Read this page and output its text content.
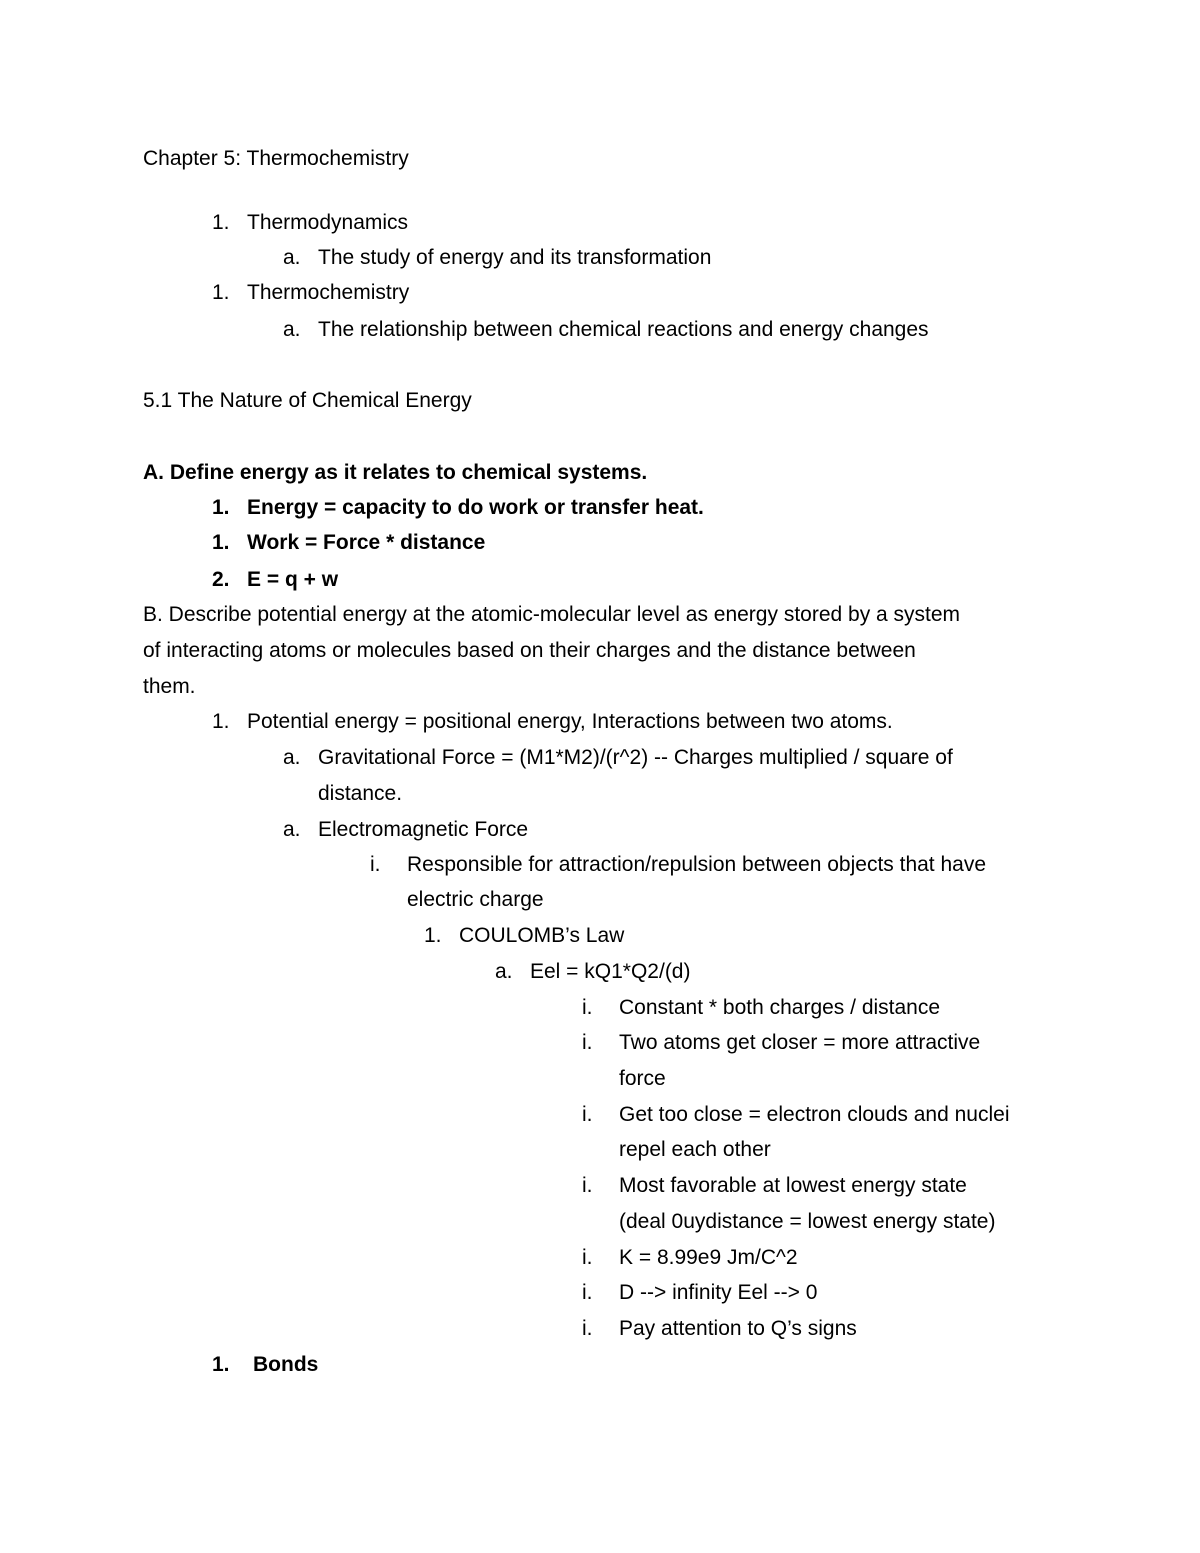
Chapter 5: Thermochemistry
1. Thermodynamics
a. The study of energy and its transformation
1. Thermochemistry
a. The relationship between chemical reactions and energy changes
5.1 The Nature of Chemical Energy
A. Define energy as it relates to chemical systems.
1. Energy = capacity to do work or transfer heat.
1. Work = Force * distance
2. E = q + w
B. Describe potential energy at the atomic-molecular level as energy stored by a system
of interacting atoms or molecules based on their charges and the distance between
them.
1. Potential energy = positional energy, Interactions between two atoms.
a. Gravitational Force = (M1*M2)/(r^2) -- Charges multiplied / square of
distance.
a. Electromagnetic Force
i. Responsible for attraction/repulsion between objects that have
electric charge
1. COULOMB’s Law
a. Eel = kQ1*Q2/(d)
i. Constant * both charges / distance
i. Two atoms get closer = more attractive
force
i. Get too close = electron clouds and nuclei
repel each other
i. Most favorable at lowest energy state
(deal 0uydistance = lowest energy state)
i. K = 8.99e9 Jm/C^2
i. D --> infinity Eel --> 0
i. Pay attention to Q’s signs
1. Bonds
